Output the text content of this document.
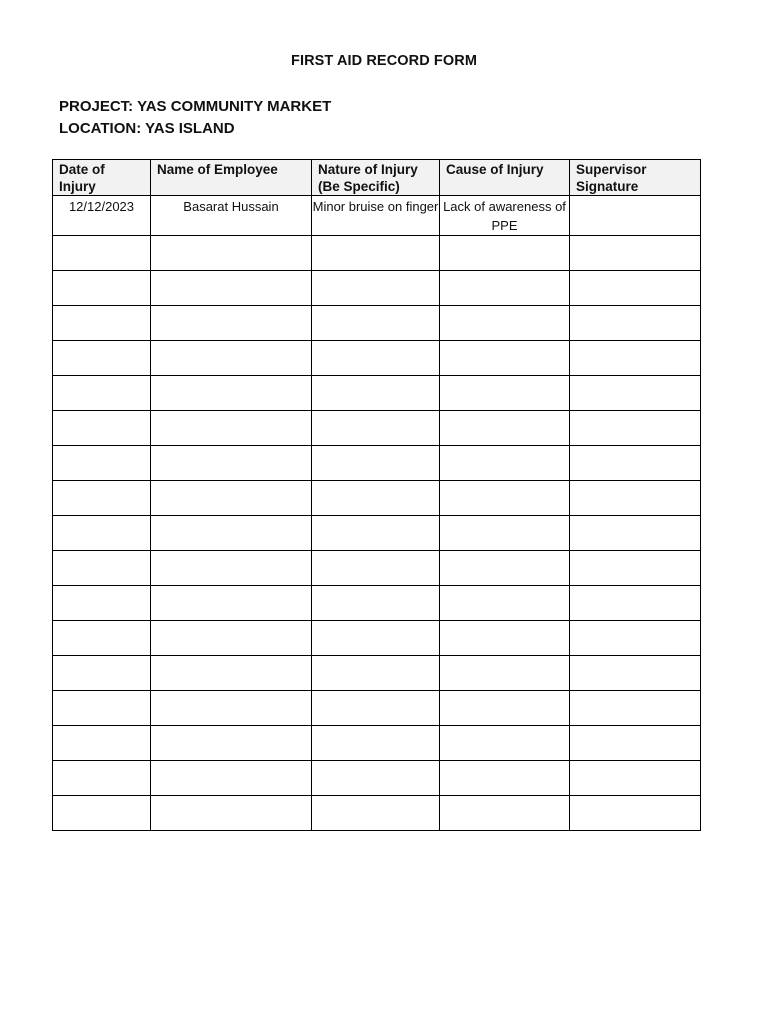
FIRST AID RECORD FORM
PROJECT: YAS COMMUNITY MARKET
LOCATION: YAS ISLAND
Date of Injury	Name of Employee	Nature of Injury (Be Specific)	Cause of Injury	Supervisor Signature
12/12/2023	Basarat Hussain	Minor bruise on finger	Lack of awareness of PPE	
